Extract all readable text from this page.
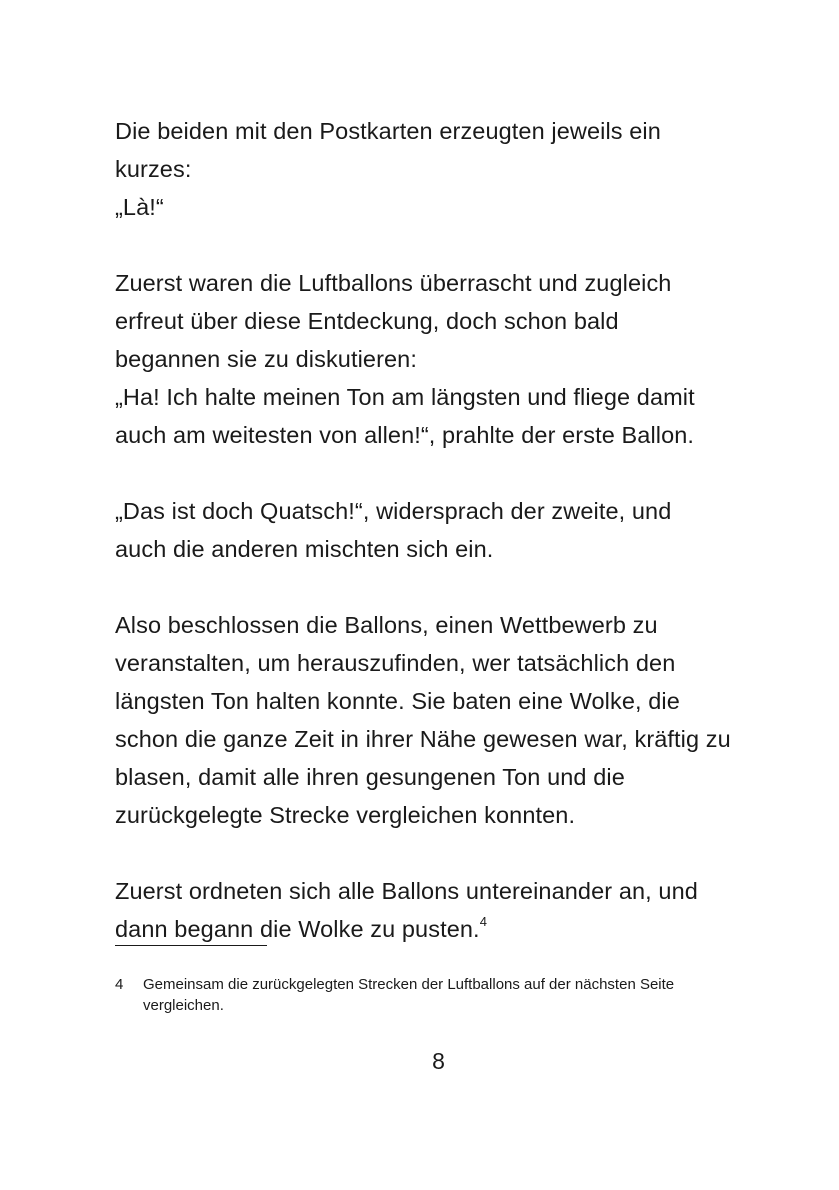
Die beiden mit den Postkarten erzeugten jeweils ein
kurzes:
„Là!“

Zuerst waren die Luftballons überrascht und zugleich
erfreut über diese Entdeckung, doch schon bald
begannen sie zu diskutieren:
„Ha! Ich halte meinen Ton am längsten und fliege damit
auch am weitesten von allen!“, prahlte der erste Ballon.

„Das ist doch Quatsch!“, widersprach der zweite, und
auch die anderen mischten sich ein.

Also beschlossen die Ballons, einen Wettbewerb zu
veranstalten, um herauszufinden, wer tatsächlich den
längsten Ton halten konnte. Sie baten eine Wolke, die
schon die ganze Zeit in ihrer Nähe gewesen war, kräftig zu
blasen, damit alle ihren gesungenen Ton und die
zurückgelegte Strecke vergleichen konnten.

Zuerst ordneten sich alle Ballons untereinander an, und
dann begann die Wolke zu pusten.$^4$

4	Gemeinsam die zurückgelegten Strecken der Luftballons auf der nächsten Seite vergleichen.
8
